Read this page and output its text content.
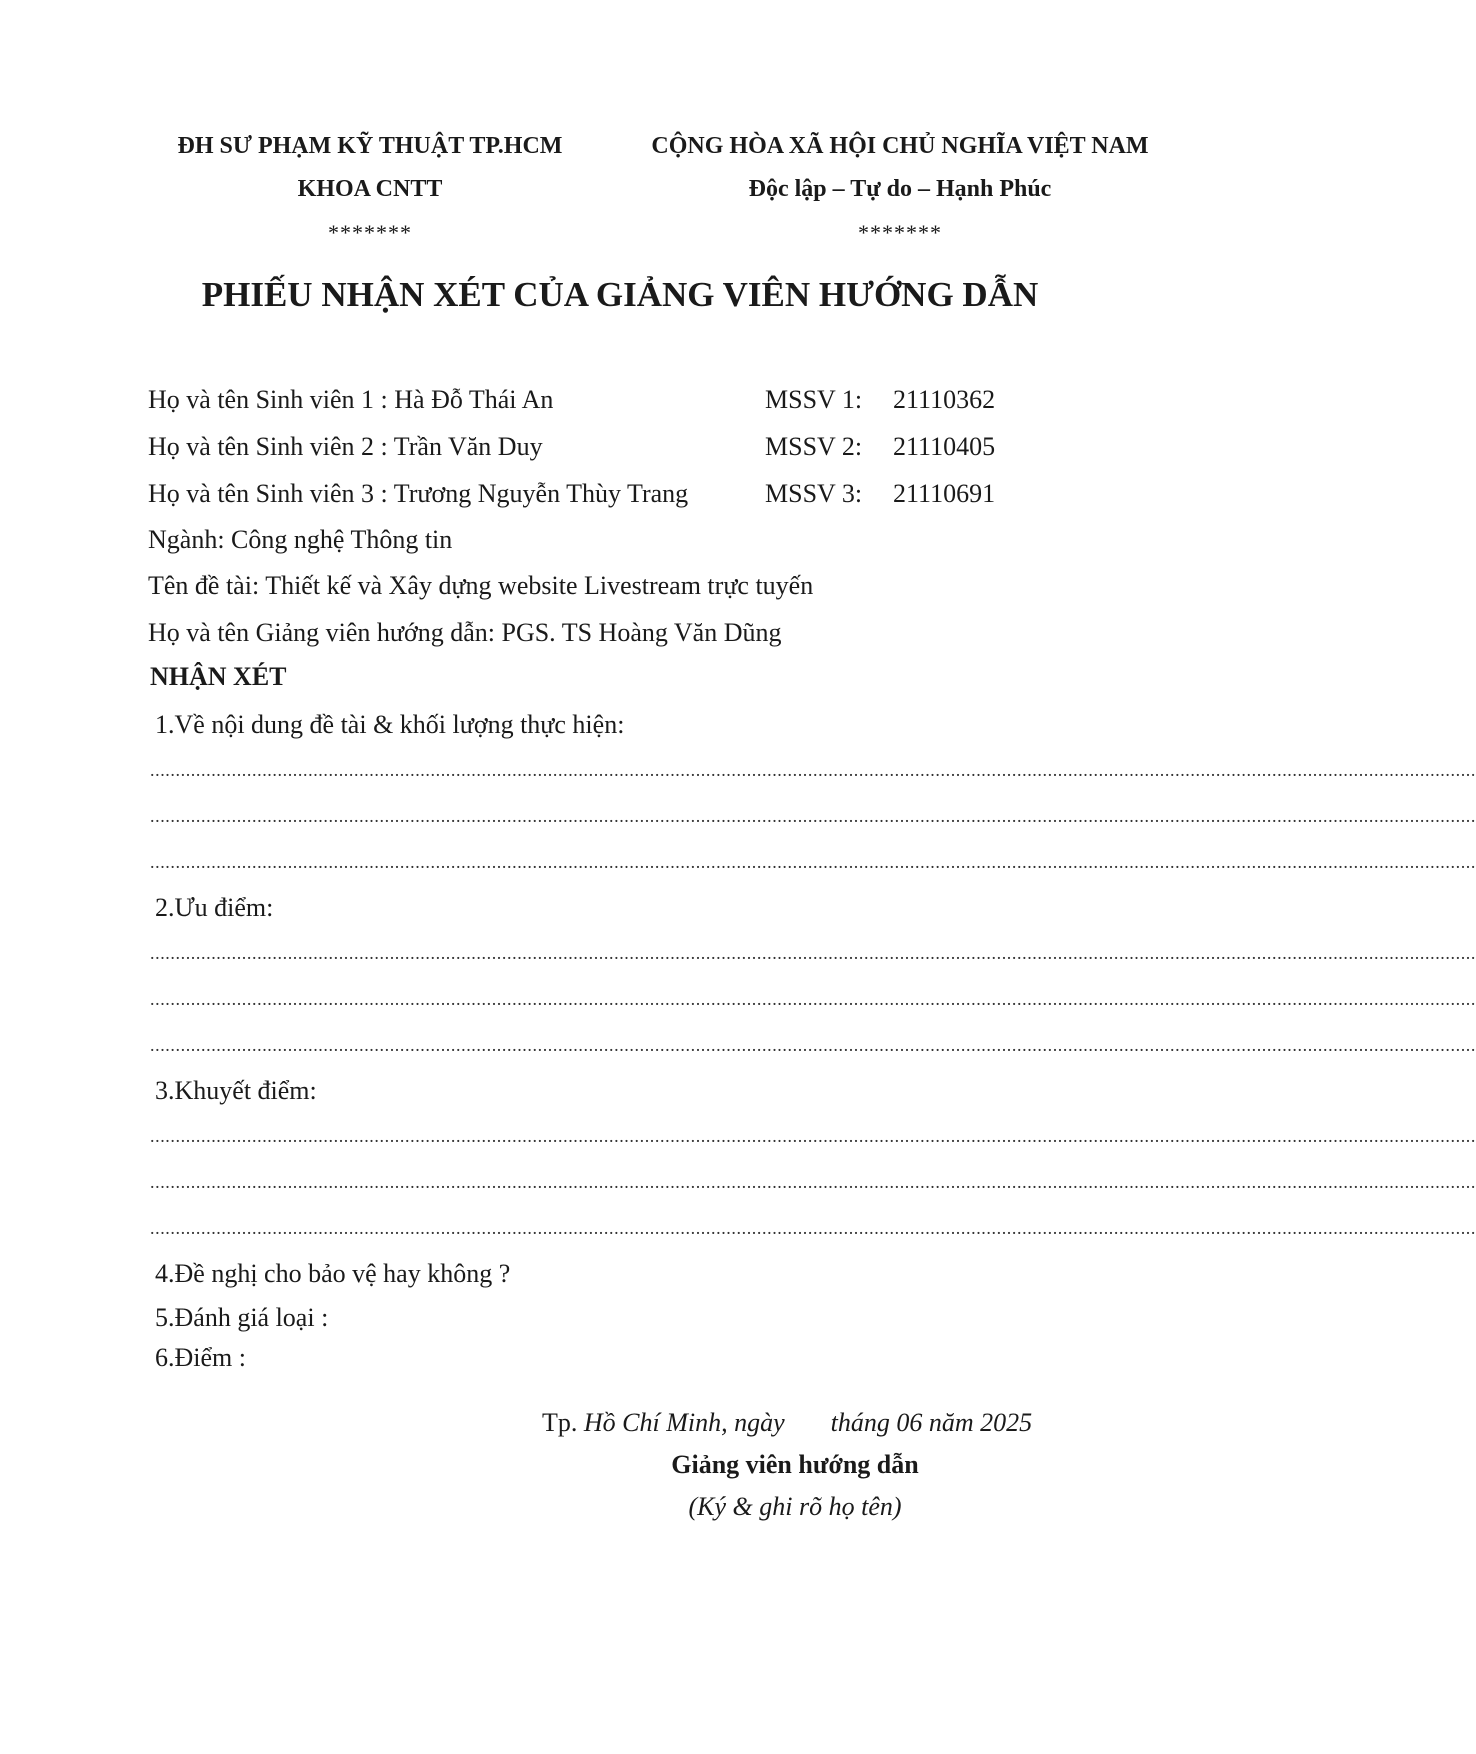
ĐH SƯ PHẠM KỸ THUẬT TP.HCM
KHOA CNTT
*******
CỘNG HÒA XÃ HỘI CHỦ NGHĨA VIỆT NAM
Độc lập – Tự do – Hạnh Phúc
*******
PHIẾU NHẬN XÉT CỦA GIẢNG VIÊN HƯỚNG DẪN
Họ và tên Sinh viên 1 : Hà Đỗ Thái An	MSSV 1: 21110362
Họ và tên Sinh viên 2 : Trần Văn Duy	MSSV 2: 21110405
Họ và tên Sinh viên 3 : Trương Nguyễn Thùy Trang	MSSV 3: 21110691
Ngành: Công nghệ Thông tin
Tên đề tài: Thiết kế và Xây dựng website Livestream trực tuyến
Họ và tên Giảng viên hướng dẫn: PGS. TS Hoàng Văn Dũng
NHẬN XÉT
1.Về nội dung đề tài & khối lượng thực hiện:
....................................................................................................................................................................................................................................................................
....................................................................................................................................................................................................................................................................
....................................................................................................................................................................................................................................................................
2.Ưu điểm:
....................................................................................................................................................................................................................................................................
....................................................................................................................................................................................................................................................................
....................................................................................................................................................................................................................................................................
3.Khuyết điểm:
....................................................................................................................................................................................................................................................................
....................................................................................................................................................................................................................................................................
....................................................................................................................................................................................................................................................................
4.Đề nghị cho bảo vệ hay không ?
5.Đánh giá loại :
6.Điểm :
Tp. Hồ Chí Minh, ngày tháng 06 năm 2025
Giảng viên hướng dẫn
(Ký & ghi rõ họ tên)
